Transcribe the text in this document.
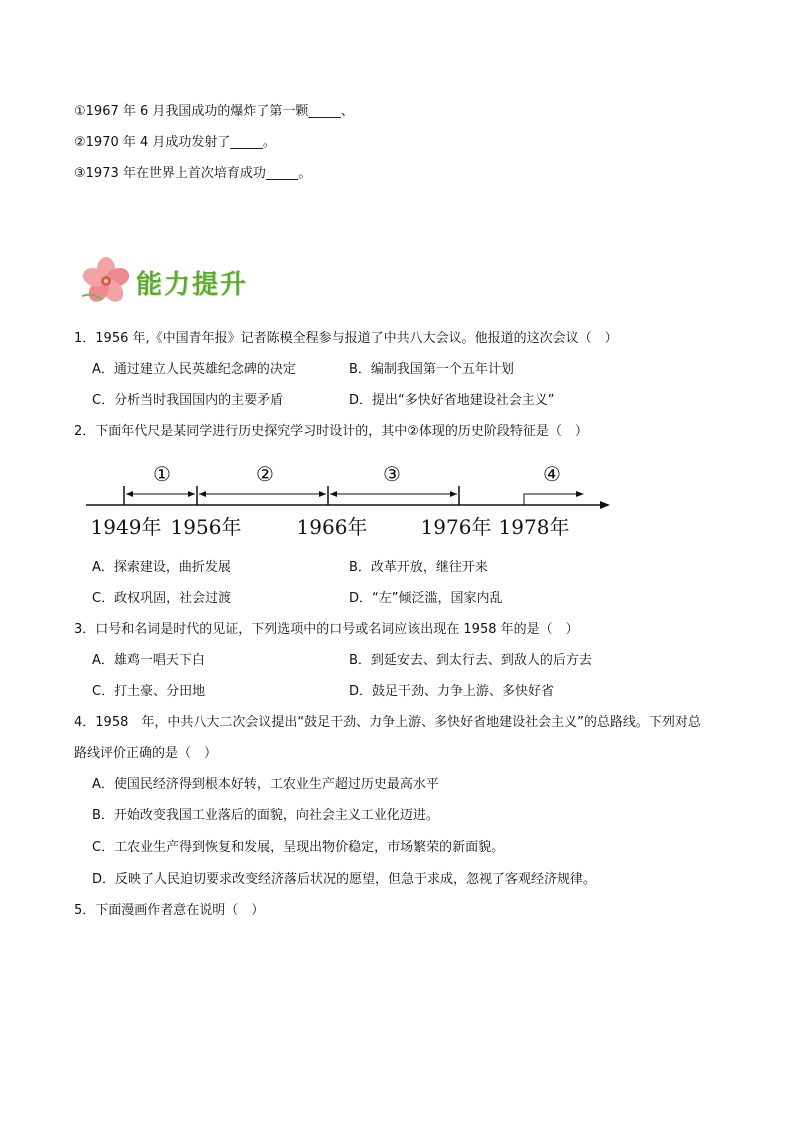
①1967 年 6 月我国成功的爆炸了第一颗_____、
②1970 年 4 月成功发射了_____。
③1973 年在世界上首次培育成功_____。
能力提升
1．1956 年,《中国青年报》记者陈模全程参与报道了中共八大会议。他报道的这次会议（　）
A．通过建立人民英雄纪念碑的决定	B．编制我国第一个五年计划
C．分析当时我国国内的主要矛盾	D．提出“多快好省地建设社会主义”
2．下面年代尺是某同学进行历史探究学习时设计的，其中②体现的历史阶段特征是（　）
①	②	③	④
1949年 1956年	1966年	1976年 1978年
A．探索建设，曲折发展	B．改革开放，继往开来
C．政权巩固，社会过渡	D．“左”倾泛滥，国家内乱
3．口号和名词是时代的见证，下列选项中的口号或名词应该出现在 1958 年的是（　）
A．雄鸡一唱天下白	B．到延安去、到太行去、到敌人的后方去
C．打土豪、分田地	D．鼓足干劲、力争上游、多快好省
4．1958　年，中共八大二次会议提出“鼓足干劲、力争上游、多快好省地建设社会主义”的总路线。下列对总
路线评价正确的是（　）
A．使国民经济得到根本好转，工农业生产超过历史最高水平
B．开始改变我国工业落后的面貌，向社会主义工业化迈进。
C．工农业生产得到恢复和发展，呈现出物价稳定，市场繁荣的新面貌。
D．反映了人民迫切要求改变经济落后状况的愿望，但急于求成，忽视了客观经济规律。
5．下面漫画作者意在说明（　）
